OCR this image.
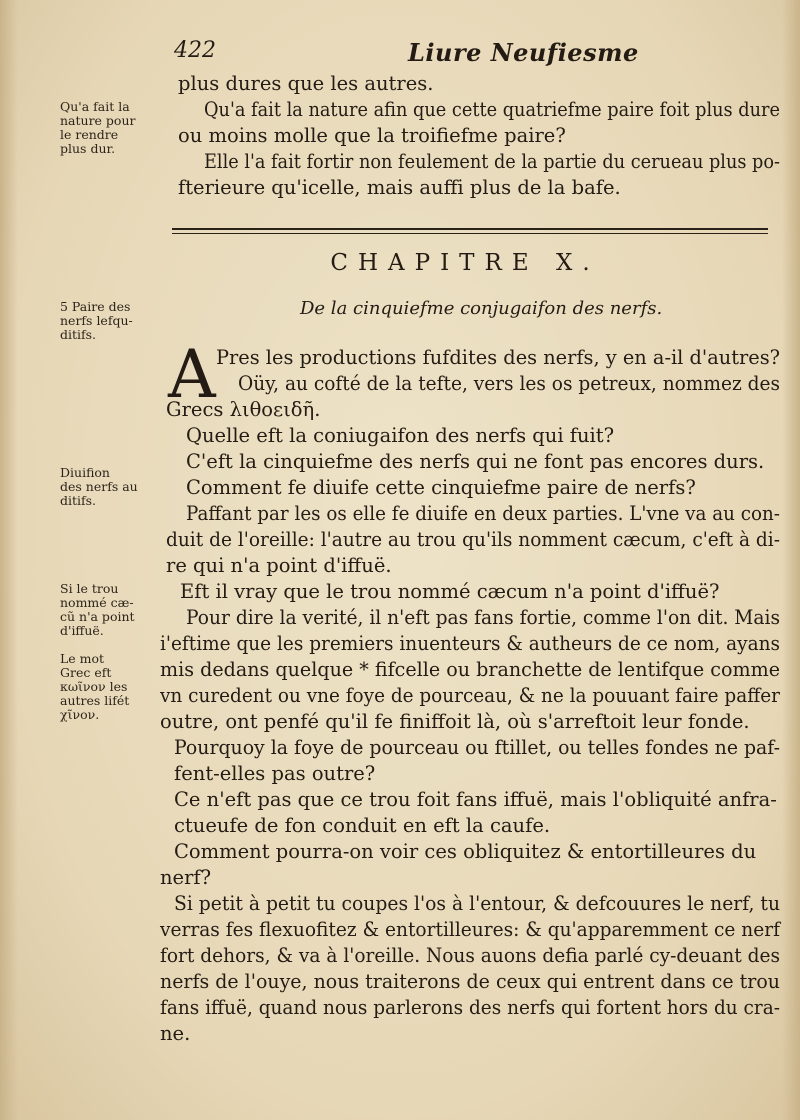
422	Liure Neufiesme
plus dures que les autres.
Qu'a fait la nature afin que cette quatriefme paire foit plus dure
ou moins molle que la troifiefme paire?
Elle l'a fait fortir non feulement de la partie du cerueau plus po-
fterieure qu'icelle, mais auffi plus de la bafe.
CHAPITRE X.
De la cinquiefme conjugaifon des nerfs.
A Pres les productions fufdites des nerfs, y en a-il d'autres?
Oüy, au cofté de la tefte, vers les os petreux, nommez des
Grecs λιθοειδῆ.
Quelle eft la coniugaifon des nerfs qui fuit?
C'eft la cinquiefme des nerfs qui ne font pas encores durs.
Comment fe diuife cette cinquiefme paire de nerfs?
Paffant par les os elle fe diuife en deux parties. L'vne va au con-
duit de l'oreille: l'autre au trou qu'ils nomment cæcum, c'eft à di-
re qui n'a point d'iffuë.
Eft il vray que le trou nommé cæcum n'a point d'iffuë?
Pour dire la verité, il n'eft pas fans fortie, comme l'on dit. Mais
i'eftime que les premiers inuenteurs & autheurs de ce nom, ayans
mis dedans quelque * fifcelle ou branchette de lentifque comme
vn curedent ou vne foye de pourceau, & ne la pouuant faire paffer
outre, ont penfé qu'il fe finiffoit là, où s'arreftoit leur fonde.
Pourquoy la foye de pourceau ou ftillet, ou telles fondes ne paf-
fent-elles pas outre?
Ce n'eft pas que ce trou foit fans iffuë, mais l'obliquité anfra-
ctueufe de fon conduit en eft la caufe.
Comment pourra-on voir ces obliquitez & entortilleures du
nerf?
Si petit à petit tu coupes l'os à l'entour, & defcouures le nerf, tu
verras fes flexuofitez & entortilleures: & qu'apparemment ce nerf
fort dehors, & va à l'oreille. Nous auons defia parlé cy-deuant des
nerfs de l'ouye, nous traiterons de ceux qui entrent dans ce trou
fans iffuë, quand nous parlerons des nerfs qui fortent hors du cra-
ne.
Qu'a fait la
nature pour
le rendre
plus dur.
5 Paire des
nerfs lefqu-
ditifs.
Diuifion
des nerfs au
ditifs.
Si le trou
nommé cæ-
cũ n'a point
d'iffuë.
Le mot
Grec eft
κωῖνον les
autres lifét
χῖνον.
